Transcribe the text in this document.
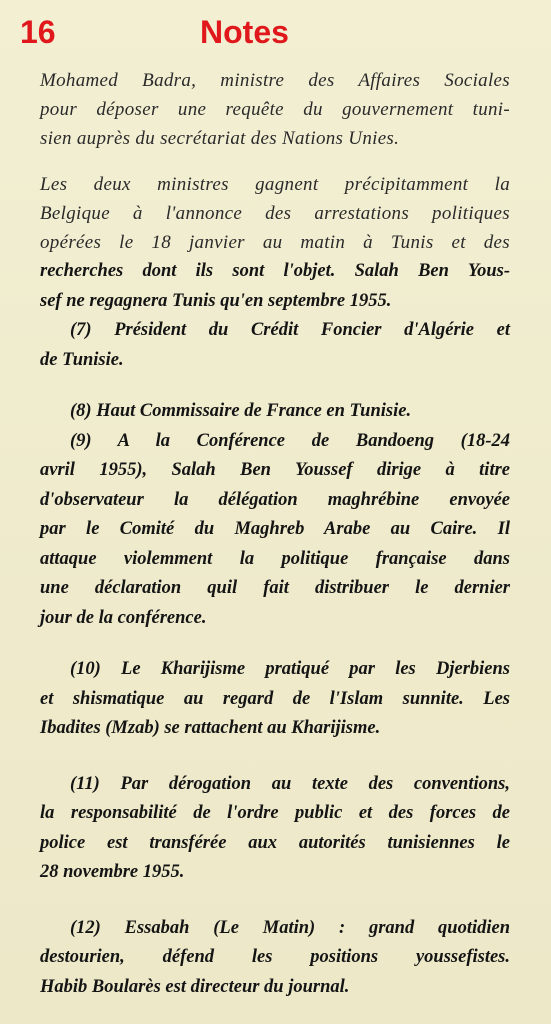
16	Notes
Mohamed Badra, ministre des Affaires Sociales
pour déposer une requête du gouvernement tuni-
sien auprès du secrétariat des Nations Unies.
Les deux ministres gagnent précipitamment la
Belgique à l'annonce des arrestations politiques
opérées le 18 janvier au matin à Tunis et des
recherches dont ils sont l'objet. Salah Ben Yous-
sef ne regagnera Tunis qu'en septembre 1955.
(7) Président du Crédit Foncier d'Algérie et
de Tunisie.
(8) Haut Commissaire de France en Tunisie.
(9) A la Conférence de Bandoeng (18-24
avril 1955), Salah Ben Youssef dirige à titre
d'observateur la délégation maghrébine envoyée
par le Comité du Maghreb Arabe au Caire. Il
attaque violemment la politique française dans
une déclaration quil fait distribuer le dernier
jour de la conférence.
(10) Le Kharijisme pratiqué par les Djerbiens
et shismatique au regard de l'Islam sunnite. Les
Ibadites (Mzab) se rattachent au Kharijisme.
(11) Par dérogation au texte des conventions,
la responsabilité de l'ordre public et des forces de
police est transférée aux autorités tunisiennes le
28 novembre 1955.
(12) Essabah (Le Matin) : grand quotidien
destourien, défend les positions youssefistes.
Habib Boularès est directeur du journal.
